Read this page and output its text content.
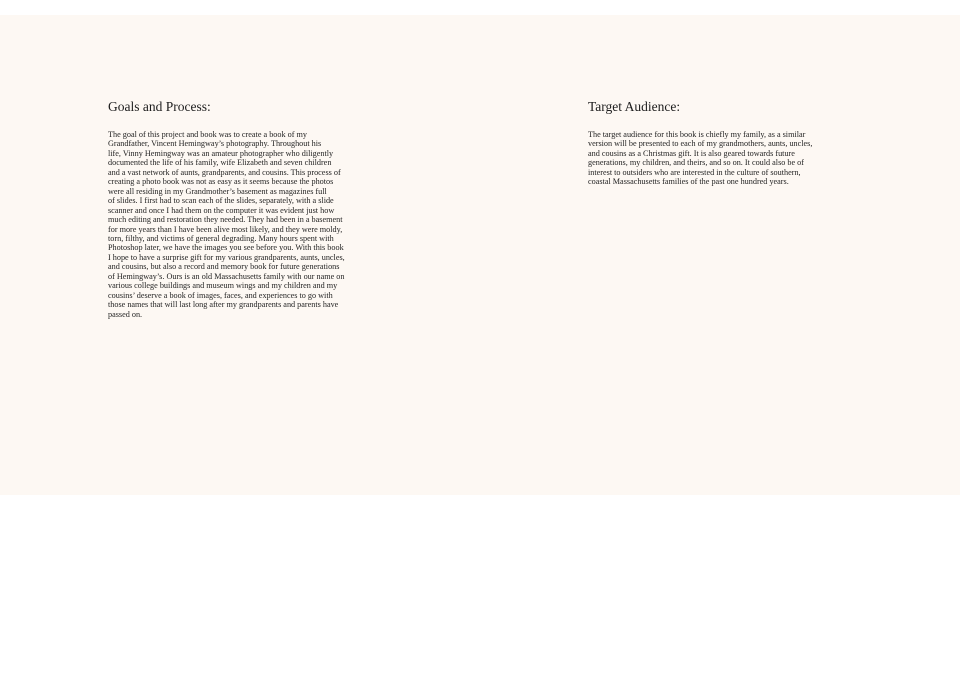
Goals and Process:

The goal of this project and book was to create a book of my
Grandfather, Vincent Hemingway’s photography. Throughout his
life, Vinny Hemingway was an amateur photographer who diligently
documented the life of his family, wife Elizabeth and seven children
and a vast network of aunts, grandparents, and cousins. This process of
creating a photo book was not as easy as it seems because the photos
were all residing in my Grandmother’s basement as magazines full
of slides. I first had to scan each of the slides, separately, with a slide
scanner and once I had them on the computer it was evident just how
much editing and restoration they needed. They had been in a basement
for more years than I have been alive most likely, and they were moldy,
torn, filthy, and victims of general degrading. Many hours spent with
Photoshop later, we have the images you see before you. With this book
I hope to have a surprise gift for my various grandparents, aunts, uncles,
and cousins, but also a record and memory book for future generations
of Hemingway’s. Ours is an old Massachusetts family with our name on
various college buildings and museum wings and my children and my
cousins’ deserve a book of images, faces, and experiences to go with
those names that will last long after my grandparents and parents have
passed on.

Target Audience:

The target audience for this book is chiefly my family, as a similar
version will be presented to each of my grandmothers, aunts, uncles,
and cousins as a Christmas gift. It is also geared towards future
generations, my children, and theirs, and so on. It could also be of
interest to outsiders who are interested in the culture of southern,
coastal Massachusetts families of the past one hundred years.
